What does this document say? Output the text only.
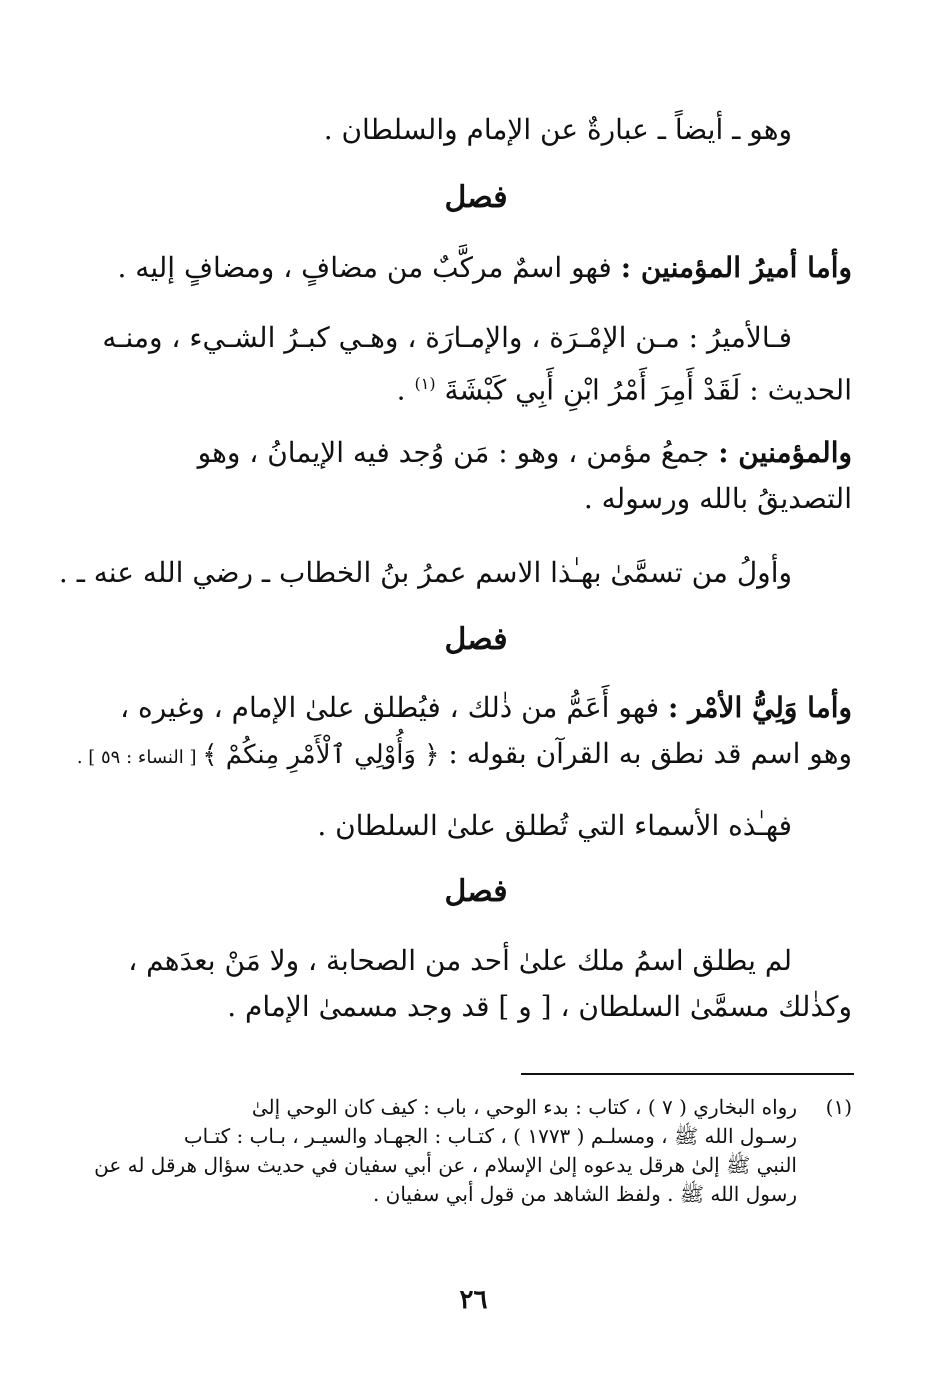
وهو ـ أيضاً ـ عبارةٌ عن الإمام والسلطان .
فصل
وأما أميرُ المؤمنين : فهو اسمٌ مركَّبٌ من مضافٍ ، ومضافٍ إليه .
فـالأميرُ : مـن الإمْـرَة ، والإمـارَة ، وهـي كبـرُ الشـيء ، ومنـه
الحديث : لَقَدْ أَمِرَ أَمْرُ ابْنِ أَبِي كَبْشَةَ $^{(١)}$ .
والمؤمنين : جمعُ مؤمن ، وهو : مَن وُجد فيه الإيمانُ ، وهو
التصديقُ بالله ورسوله .
وأولُ من تسمَّىٰ بهـٰذا الاسم عمرُ بنُ الخطاب ـ رضي الله عنه ـ .
فصل
وأما وَلِيُّ الأمْر : فهو أَعَمُّ من ذٰلك ، فيُطلق علىٰ الإمام ، وغيره ،
وهو اسم قد نطق به القرآن بقوله : ﴿ وَأُوْلِي ٱلْأَمْرِ مِنكُمْ ﴾ [ النساء : ٥٩ ] .
فهـٰذه الأسماء التي تُطلق علىٰ السلطان .
فصل
لم يطلق اسمُ ملك علىٰ أحد من الصحابة ، ولا مَنْ بعدَهم ،
وكذٰلك مسمَّىٰ السلطان ، [ و ] قد وجد مسمىٰ الإمام .
(١)
رواه البخاري ( ٧ ) ، كتاب : بدء الوحي ، باب : كيف كان الوحي إلىٰ
رسـول الله ﷺ ، ومسلـم ( ١٧٧٣ ) ، كتـاب : الجهـاد والسيـر ، بـاب : كتـاب
النبي ﷺ إلىٰ هرقل يدعوه إلىٰ الإسلام ، عن أبي سفيان في حديث سؤال هرقل له عن
رسول الله ﷺ . ولفظ الشاهد من قول أبي سفيان .
٢٦
